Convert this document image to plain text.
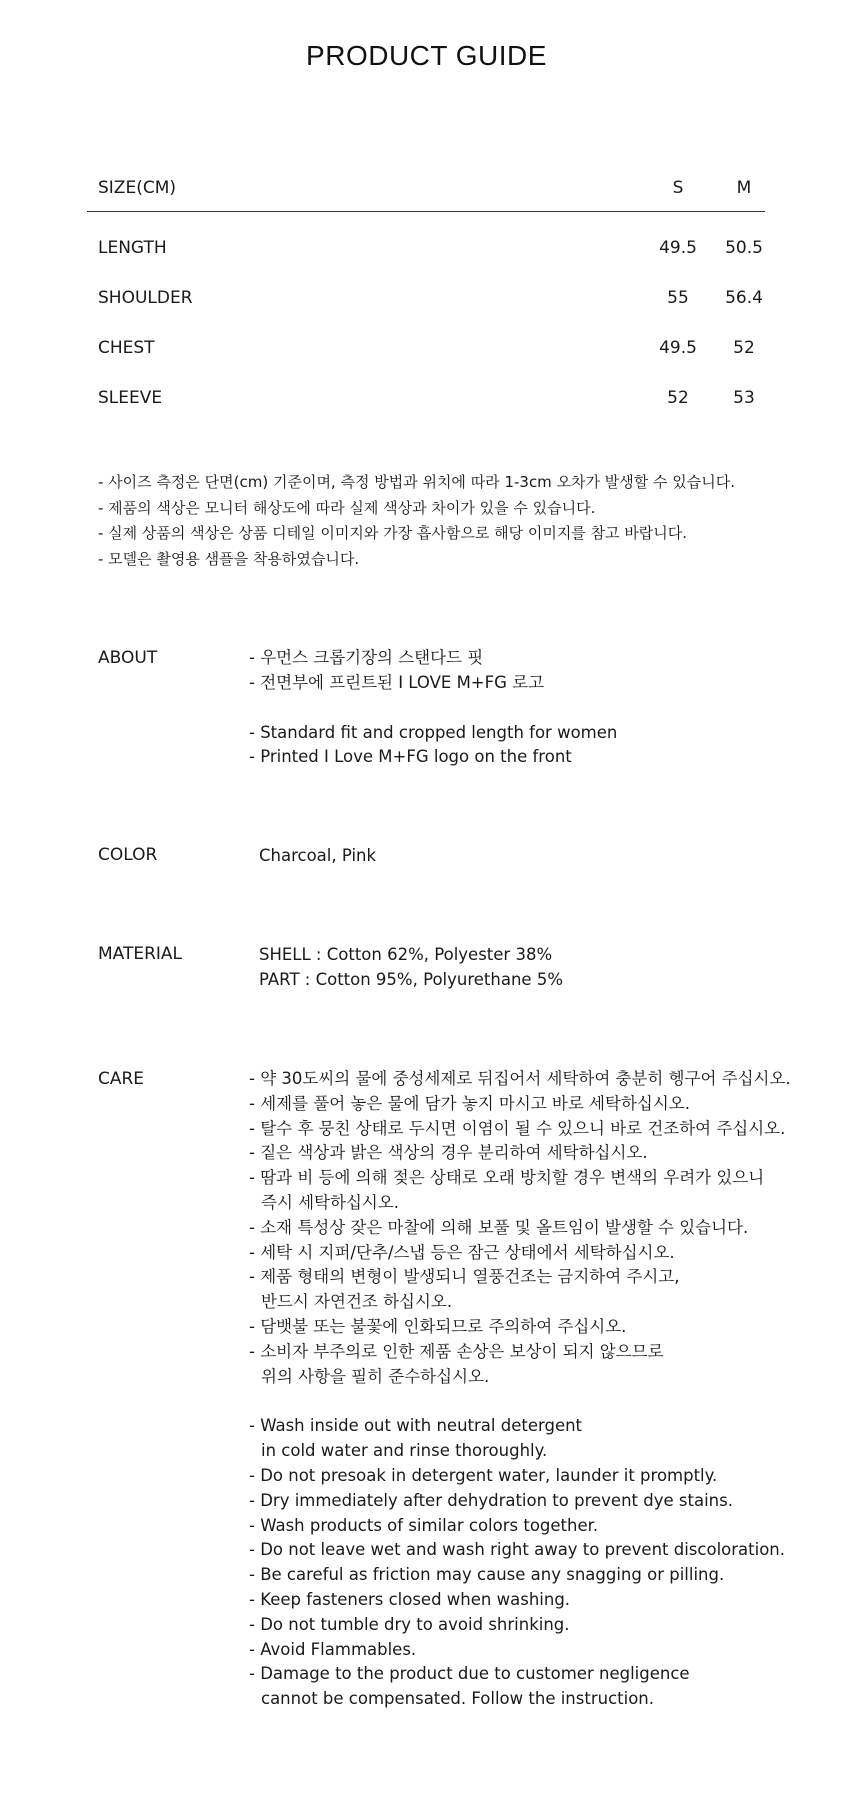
PRODUCT GUIDE
SIZE(CM)	S	M
LENGTH	49.5	50.5
SHOULDER	55	56.4
CHEST	49.5	52
SLEEVE	52	53
- 사이즈 측정은 단면(cm) 기준이며, 측정 방법과 위치에 따라 1-3cm 오차가 발생할 수 있습니다.
- 제품의 색상은 모니터 해상도에 따라 실제 색상과 차이가 있을 수 있습니다.
- 실제 상품의 색상은 상품 디테일 이미지와 가장 흡사함으로 해당 이미지를 참고 바랍니다.
- 모델은 촬영용 샘플을 착용하였습니다.
ABOUT	- 우먼스 크롭기장의 스탠다드 핏
- 전면부에 프린트된 I LOVE M+FG 로고
- Standard fit and cropped length for women
- Printed I Love M+FG logo on the front
COLOR	Charcoal, Pink
MATERIAL	SHELL : Cotton 62%, Polyester 38%
PART : Cotton 95%, Polyurethane 5%
CARE	- 약 30도씨의 물에 중성세제로 뒤집어서 세탁하여 충분히 헹구어 주십시오.
- 세제를 풀어 놓은 물에 담가 놓지 마시고 바로 세탁하십시오.
- 탈수 후 뭉친 상태로 두시면 이염이 될 수 있으니 바로 건조하여 주십시오.
- 짙은 색상과 밝은 색상의 경우 분리하여 세탁하십시오.
- 땀과 비 등에 의해 젖은 상태로 오래 방치할 경우 변색의 우려가 있으니
즉시 세탁하십시오.
- 소재 특성상 잦은 마찰에 의해 보풀 및 올트임이 발생할 수 있습니다.
- 세탁 시 지퍼/단추/스냅 등은 잠근 상태에서 세탁하십시오.
- 제품 형태의 변형이 발생되니 열풍건조는 금지하여 주시고,
반드시 자연건조 하십시오.
- 담뱃불 또는 불꽃에 인화되므로 주의하여 주십시오.
- 소비자 부주의로 인한 제품 손상은 보상이 되지 않으므로
위의 사항을 필히 준수하십시오.
- Wash inside out with neutral detergent
in cold water and rinse thoroughly.
- Do not presoak in detergent water, launder it promptly.
- Dry immediately after dehydration to prevent dye stains.
- Wash products of similar colors together.
- Do not leave wet and wash right away to prevent discoloration.
- Be careful as friction may cause any snagging or pilling.
- Keep fasteners closed when washing.
- Do not tumble dry to avoid shrinking.
- Avoid Flammables.
- Damage to the product due to customer negligence
cannot be compensated. Follow the instruction.
